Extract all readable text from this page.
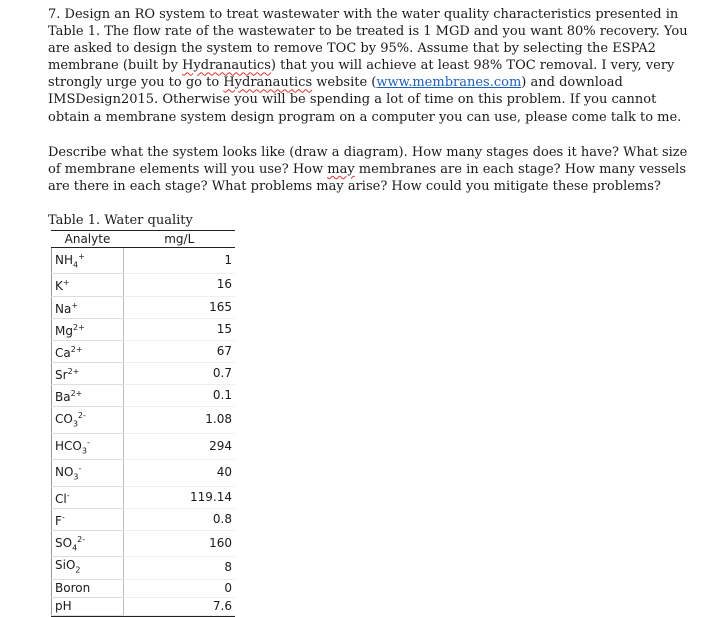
7. Design an RO system to treat wastewater with the water quality characteristics presented in Table 1. The flow rate of the wastewater to be treated is 1 MGD and you want 80% recovery. You are asked to design the system to remove TOC by 95%. Assume that by selecting the ESPA2 membrane (built by Hydranautics) that you will achieve at least 98% TOC removal. I very, very strongly urge you to go to Hydranautics website (www.membranes.com) and download IMSDesign2015. Otherwise you will be spending a lot of time on this problem. If you cannot obtain a membrane system design program on a computer you can use, please come talk to me.

Describe what the system looks like (draw a diagram). How many stages does it have? What size of membrane elements will you use? How may membranes are in each stage? How many vessels are there in each stage? What problems may arise? How could you mitigate these problems?

Table 1. Water quality

Analyte	mg/L
$NH_4^+$	1
K+	16
Na+	165
$Mg^{2+}$	15
$Ca^{2+}$	67
$Sr^{2+}$	0.7
$Ba^{2+}$	0.1
$CO_3^{2-}$	1.08
$HCO_3^-$	294
$NO_3^-$	40
Cl-	119.14
F-	0.8
$SO_4^{2-}$	160
SiO$_2$	8
Boron	0
pH	7.6
